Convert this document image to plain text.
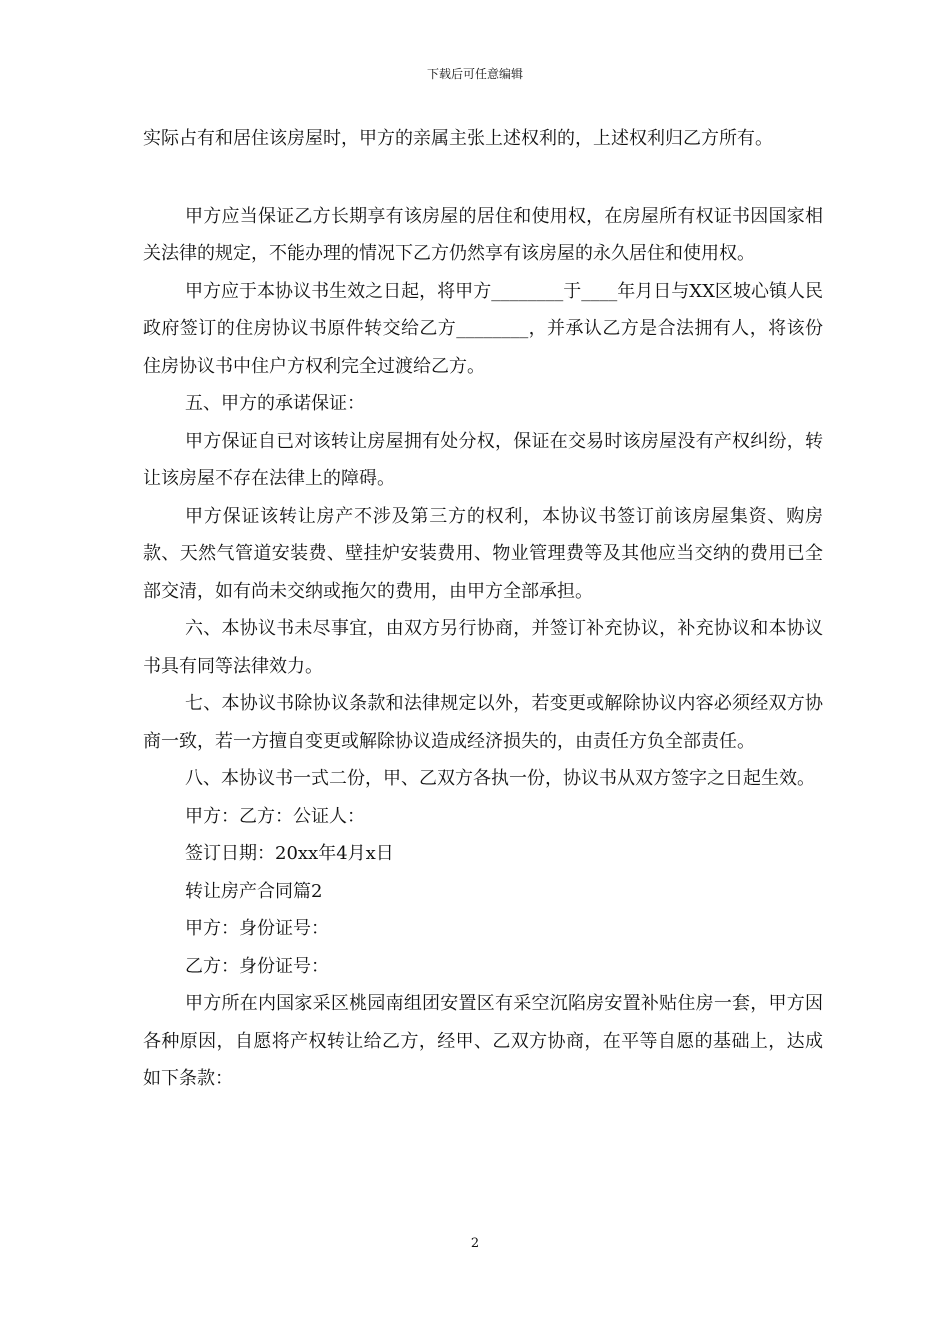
下载后可任意编辑

实际占有和居住该房屋时，甲方的亲属主张上述权利的，上述权利归乙方所有。

甲方应当保证乙方长期享有该房屋的居住和使用权，在房屋所有权证书因国家相关法律的规定，不能办理的情况下乙方仍然享有该房屋的永久居住和使用权。

甲方应于本协议书生效之日起，将甲方________于____年月日与XX区坡心镇人民政府签订的住房协议书原件转交给乙方________，并承认乙方是合法拥有人，将该份住房协议书中住户方权利完全过渡给乙方。

五、甲方的承诺保证：

甲方保证自已对该转让房屋拥有处分权，保证在交易时该房屋没有产权纠纷，转让该房屋不存在法律上的障碍。

甲方保证该转让房产不涉及第三方的权利，本协议书签订前该房屋集资、购房款、天然气管道安装费、壁挂炉安装费用、物业管理费等及其他应当交纳的费用已全部交清，如有尚未交纳或拖欠的费用，由甲方全部承担。

六、本协议书未尽事宜，由双方另行协商，并签订补充协议，补充协议和本协议书具有同等法律效力。

七、本协议书除协议条款和法律规定以外，若变更或解除协议内容必须经双方协商一致，若一方擅自变更或解除协议造成经济损失的，由责任方负全部责任。

八、本协议书一式二份，甲、乙双方各执一份，协议书从双方签字之日起生效。

甲方：乙方：公证人：

签订日期：20xx年4月x日

转让房产合同篇2

甲方：身份证号：

乙方：身份证号：

甲方所在内国家采区桃园南组团安置区有采空沉陷房安置补贴住房一套，甲方因各种原因，自愿将产权转让给乙方，经甲、乙双方协商，在平等自愿的基础上，达成如下条款：

2
